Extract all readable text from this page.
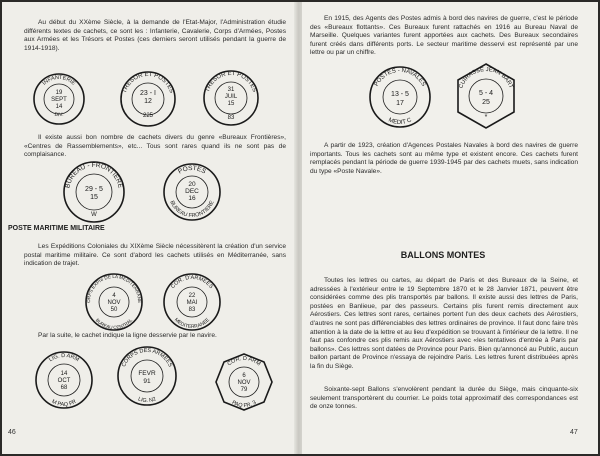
Au début du XXème Siècle, à la demande de l'Etat-Major, l'Administration étudie différents textes de cachets, ce sont les : Infanterie, Cavalerie, Corps d'Armées, Postes aux Armées et les Trésors et Postes (ces derniers seront utilisés pendant la guerre de 1914-1918).

INFANTERIE
DIV.
19
SEPT
14
TRESOR ET POSTES
23 - I
12
225
TRESOR ET POSTES
31
JUIL
15
83

Il existe aussi bon nombre de cachets divers du genre «Bureaux Frontières», «Centres de Rassemblements», etc... Tous sont rares quand ils ne sont pas de complaisance.

BUREAU - FRONTIERE
29 - 5
15
W
POSTES
BUREAU FRONTIERE
20
DEC
16

POSTE MARITIME MILITAIRE

Les Expéditions Coloniales du XIXème Siècle nécessitèrent la création d'un service postal maritime militaire. Ce sont d'abord les cachets utilisés en Méditerranée, sans indication de trajet.

ORPS EXPre DE LA MEDITERRANE
BUREAU CENTRAL
4
NOV
50
COR. D'ARMEES
MEDITERRANEE
22
MAI
83

Par la suite, le cachet indique la ligne desservie par le navire.

LIG. D ARM
M PAQ FR
14
OCT
68
CORPS DES ARMEES
LIG. N2
FEVR
91
COR. D ARM
PAQ FR. 3
6
NOV
79
46

En 1915, des Agents des Postes admis à bord des navires de guerre, c'est le période des «Bureaux flottants». Ces Bureaux furent rattachés en 1916 au Bureau Naval de Marseille. Quelques variantes furent apportées aux cachets. Des Bureaux secondaires furent créés dans différents ports. Le secteur maritime desservi est représenté par une lettre ou par un chiffre.

POSTES - NAVALES
MEDIT C
13 - 5
17
CUIRASSE JEAN BART
5 - 4
25
*

A partir de 1923, création d'Agences Postales Navales à bord des navires de guerre importants. Tous les cachets sont au même type et existent encore. Ces cachets furent remplacés pendant la période de guerre 1939-1945 par des cachets muets, sans indication du type «Poste Navale».

BALLONS MONTES

Toutes les lettres ou cartes, au départ de Paris et des Bureaux de la Seine, et adressées à l'extérieur entre le 19 Septembre 1870 et le 28 Janvier 1871, peuvent être considérées comme des plis transportés par ballons. Il existe aussi des lettres de Paris, postées en Banlieue, par des passeurs. Certains plis furent remis directement aux Aérostiers. Ces lettres sont rares, certaines portent l'un des deux cachets des Aérostiers, d'autres ne sont pas différenciables des lettres ordinaires de province. Il faut donc faire très attention à la date de la lettre et au lieu d'expédition se trouvant à l'intérieur de la lettre. Il ne faut pas confondre ces plis remis aux Aérostiers avec «les tentatives d'entrée à Paris par ballons». Ces lettres sont datées de Province pour Paris. Bien qu'annoncé au Public, aucun ballon partant de Province n'essaya de rejoindre Paris. Les lettres furent distribuées après la fin du Siège.

Soixante-sept Ballons s'envolèrent pendant la durée du Siège, mais cinquante-six seulement transportèrent du courrier. Le poids total approximatif des correspondances est de onze tonnes.

47
